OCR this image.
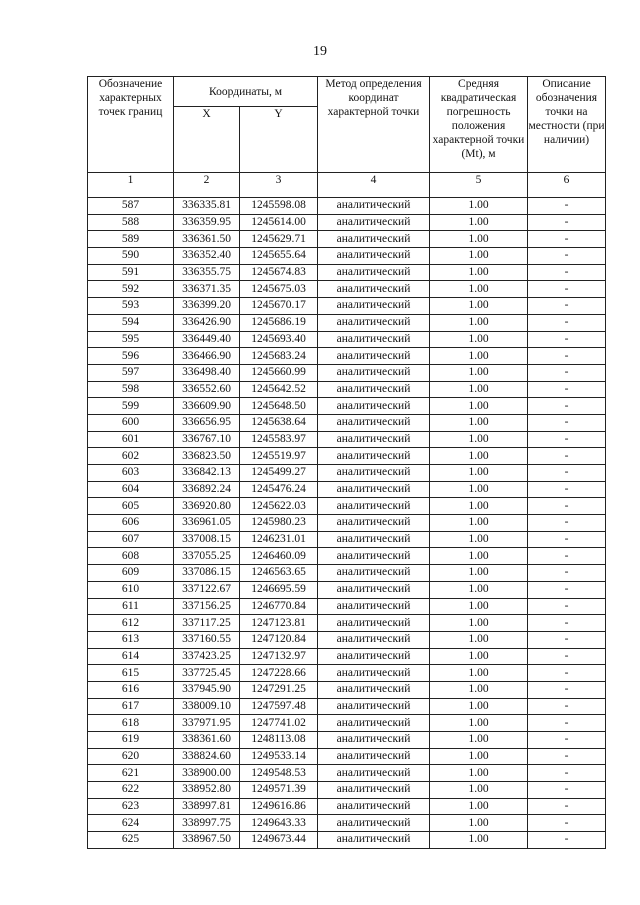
19
Обозначение характерных точек границ	Координаты, м		Метод определения координат характерной точки	Средняя квадратическая погрешность положения характерной точки (Mt), м	Описание обозначения точки на местности (при наличии)
	X	Y			
1	2	3	4	5	6
587	336335.81	1245598.08	аналитический	1.00	-
588	336359.95	1245614.00	аналитический	1.00	-
589	336361.50	1245629.71	аналитический	1.00	-
590	336352.40	1245655.64	аналитический	1.00	-
591	336355.75	1245674.83	аналитический	1.00	-
592	336371.35	1245675.03	аналитический	1.00	-
593	336399.20	1245670.17	аналитический	1.00	-
594	336426.90	1245686.19	аналитический	1.00	-
595	336449.40	1245693.40	аналитический	1.00	-
596	336466.90	1245683.24	аналитический	1.00	-
597	336498.40	1245660.99	аналитический	1.00	-
598	336552.60	1245642.52	аналитический	1.00	-
599	336609.90	1245648.50	аналитический	1.00	-
600	336656.95	1245638.64	аналитический	1.00	-
601	336767.10	1245583.97	аналитический	1.00	-
602	336823.50	1245519.97	аналитический	1.00	-
603	336842.13	1245499.27	аналитический	1.00	-
604	336892.24	1245476.24	аналитический	1.00	-
605	336920.80	1245622.03	аналитический	1.00	-
606	336961.05	1245980.23	аналитический	1.00	-
607	337008.15	1246231.01	аналитический	1.00	-
608	337055.25	1246460.09	аналитический	1.00	-
609	337086.15	1246563.65	аналитический	1.00	-
610	337122.67	1246695.59	аналитический	1.00	-
611	337156.25	1246770.84	аналитический	1.00	-
612	337117.25	1247123.81	аналитический	1.00	-
613	337160.55	1247120.84	аналитический	1.00	-
614	337423.25	1247132.97	аналитический	1.00	-
615	337725.45	1247228.66	аналитический	1.00	-
616	337945.90	1247291.25	аналитический	1.00	-
617	338009.10	1247597.48	аналитический	1.00	-
618	337971.95	1247741.02	аналитический	1.00	-
619	338361.60	1248113.08	аналитический	1.00	-
620	338824.60	1249533.14	аналитический	1.00	-
621	338900.00	1249548.53	аналитический	1.00	-
622	338952.80	1249571.39	аналитический	1.00	-
623	338997.81	1249616.86	аналитический	1.00	-
624	338997.75	1249643.33	аналитический	1.00	-
625	338967.50	1249673.44	аналитический	1.00	-
